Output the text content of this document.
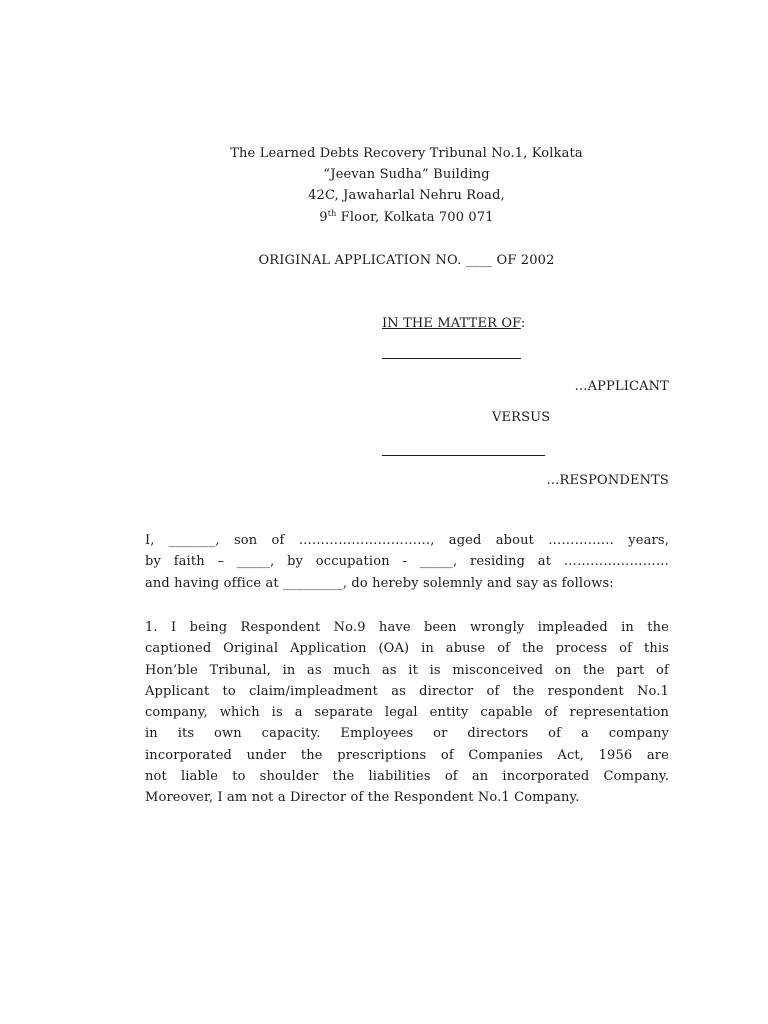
The Learned Debts Recovery Tribunal No.1, Kolkata
“Jeevan Sudha” Building
42C, Jawaharlal Nehru Road,
9th Floor, Kolkata 700 071
ORIGINAL APPLICATION NO. ____ OF 2002
IN THE MATTER OF:
…APPLICANT
VERSUS
…RESPONDENTS
I, _______, son of …………………………, aged about …………… years,
by faith – _____, by occupation - _____, residing at ……………………
and having office at _________, do hereby solemnly and say as follows:
1. I being Respondent No.9 have been wrongly impleaded in the
captioned Original Application (OA) in abuse of the process of this
Hon’ble Tribunal, in as much as it is misconceived on the part of
Applicant to claim/impleadment as director of the respondent No.1
company, which is a separate legal entity capable of representation
in its own capacity. Employees or directors of a company
incorporated under the prescriptions of Companies Act, 1956 are
not liable to shoulder the liabilities of an incorporated Company.
Moreover, I am not a Director of the Respondent No.1 Company.
